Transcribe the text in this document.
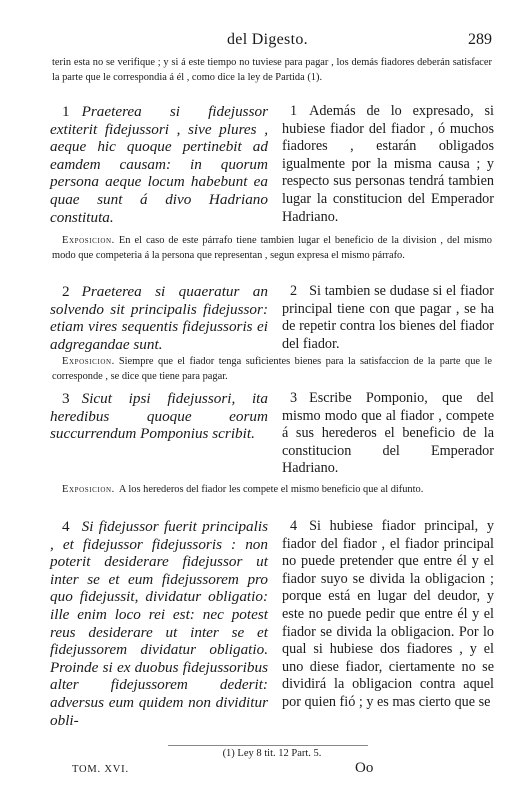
del Digesto.	289
terin esta no se verifique ; y si á este tiempo no tuviese para pagar , los demás fiadores deberán satisfacer la parte que le correspondia á él , como dice la ley de Partida (1).
1 Praeterea si fidejussor extiterit fidejussori , sive plures , aeque hic quoque pertinebit ad eamdem causam: in quorum persona aeque locum habebunt ea quae sunt á divo Hadriano constituta.
1 Además de lo expresado, si hubiese fiador del fiador , ó muchos fiadores , estarán obligados igualmente por la misma causa ; y respecto sus personas tendrá tambien lugar la constitucion del Emperador Hadriano.
Exposicion. En el caso de este párrafo tiene tambien lugar el beneficio de la division , del mismo modo que competeria á la persona que representan , segun expresa el mismo párrafo.
2 Praeterea si quaeratur an solvendo sit principalis fidejussor: etiam vires sequentis fidejussoris ei adgregandae sunt.
2 Si tambien se dudase si el fiador principal tiene con que pagar , se ha de repetir contra los bienes del fiador del fiador.
Exposicion. Siempre que el fiador tenga suficientes bienes para la satisfaccion de la parte que le corresponde , se dice que tiene para pagar.
3 Sicut ipsi fidejussori, ita heredibus quoque eorum succurrendum Pomponius scribit.
3 Escribe Pomponio, que del mismo modo que al fiador , compete á sus herederos el beneficio de la constitucion del Emperador Hadriano.
Exposicion. A los herederos del fiador les compete el mismo beneficio que al difunto.
4 Si fidejussor fuerit principalis , et fidejussor fidejussoris : non poterit desiderare fidejussor ut inter se et eum fidejussorem pro quo fidejussit, dividatur obligatio: ille enim loco rei est: nec potest reus desiderare ut inter se et fidejussorem dividatur obligatio. Proinde si ex duobus fidejussoribus alter fidejussorem dederit: adversus eum quidem non dividitur obli-
4 Si hubiese fiador principal, y fiador del fiador , el fiador principal no puede pretender que entre él y el fiador suyo se divida la obligacion ; porque está en lugar del deudor, y este no puede pedir que entre él y el fiador se divida la obligacion. Por lo qual si hubiese dos fiadores , y el uno diese fiador, ciertamente no se dividirá la obligacion contra aquel por quien fió ; y es mas cierto que se
(1) Ley 8 tit. 12 Part. 5.
TOM. XVI.	Oo
